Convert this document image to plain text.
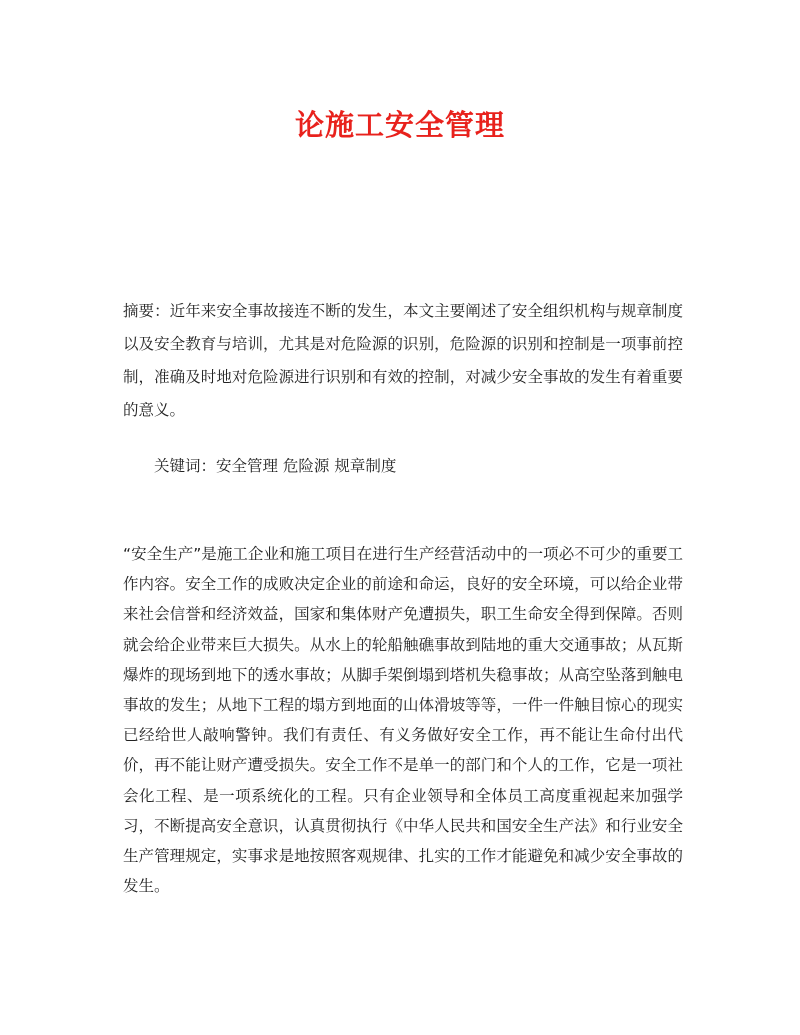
论施工安全管理
摘要：近年来安全事故接连不断的发生，本文主要阐述了安全组织机构与规章制度以及安全教育与培训，尤其是对危险源的识别，危险源的识别和控制是一项事前控制，准确及时地对危险源进行识别和有效的控制，对减少安全事故的发生有着重要的意义。
关键词：安全管理 危险源 规章制度
“安全生产”是施工企业和施工项目在进行生产经营活动中的一项必不可少的重要工作内容。安全工作的成败决定企业的前途和命运，良好的安全环境，可以给企业带来社会信誉和经济效益，国家和集体财产免遭损失，职工生命安全得到保障。否则就会给企业带来巨大损失。从水上的轮船触礁事故到陆地的重大交通事故；从瓦斯爆炸的现场到地下的透水事故；从脚手架倒塌到塔机失稳事故；从高空坠落到触电事故的发生；从地下工程的塌方到地面的山体滑坡等等，一件一件触目惊心的现实已经给世人敲响警钟。我们有责任、有义务做好安全工作，再不能让生命付出代价，再不能让财产遭受损失。安全工作不是单一的部门和个人的工作，它是一项社会化工程、是一项系统化的工程。只有企业领导和全体员工高度重视起来加强学习，不断提高安全意识，认真贯彻执行《中华人民共和国安全生产法》和行业安全生产管理规定，实事求是地按照客观规律、扎实的工作才能避免和减少安全事故的发生。
